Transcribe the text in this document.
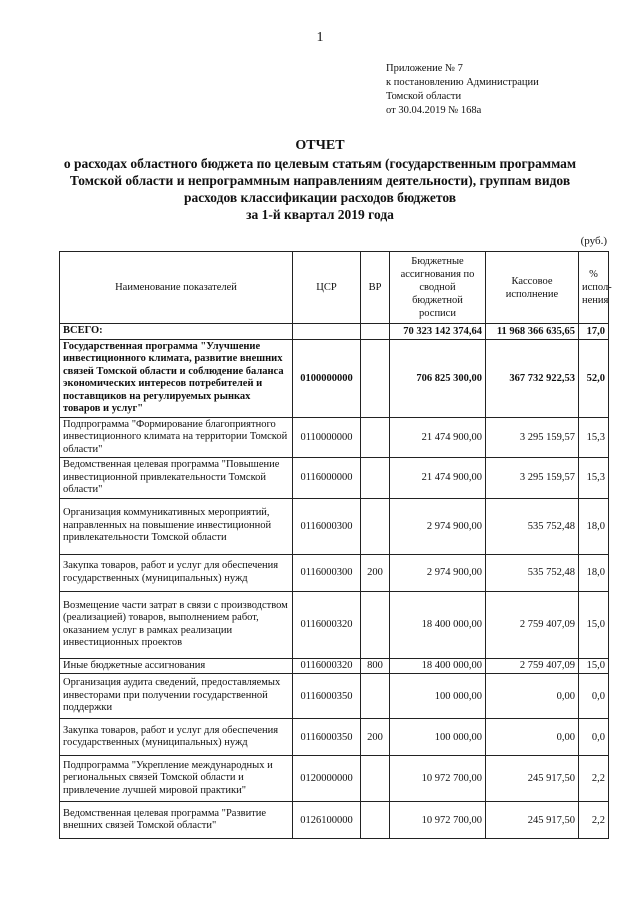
1
Приложение № 7
к постановлению Администрации
Томской области
от 30.04.2019 № 168а
ОТЧЕТ
о расходах областного бюджета по целевым статьям (государственным программам
Томской области и непрограммным направлениям деятельности), группам видов
расходов классификации расходов бюджетов
за 1-й квартал 2019 года
(руб.)
Наименование показателей	ЦСР	ВР	Бюджетные ассигнования по сводной бюджетной росписи	Кассовое исполнение	% испол-нения
ВСЕГО:			70 323 142 374,64	11 968 366 635,65	17,0
Государственная программа "Улучшение инвестиционного климата, развитие внешних связей Томской области и соблюдение баланса экономических интересов потребителей и поставщиков на регулируемых рынках товаров и услуг"	0100000000		706 825 300,00	367 732 922,53	52,0
Подпрограмма "Формирование благоприятного инвестиционного климата на территории Томской области"	0110000000		21 474 900,00	3 295 159,57	15,3
Ведомственная целевая программа "Повышение инвестиционной привлекательности Томской области"	0116000000		21 474 900,00	3 295 159,57	15,3
Организация коммуникативных мероприятий, направленных на повышение инвестиционной привлекательности Томской области	0116000300		2 974 900,00	535 752,48	18,0
Закупка товаров, работ и услуг для обеспечения государственных (муниципальных) нужд	0116000300	200	2 974 900,00	535 752,48	18,0
Возмещение части затрат в связи с производством (реализацией) товаров, выполнением работ, оказанием услуг в рамках реализации инвестиционных проектов	0116000320		18 400 000,00	2 759 407,09	15,0
Иные бюджетные ассигнования	0116000320	800	18 400 000,00	2 759 407,09	15,0
Организация аудита сведений, предоставляемых инвесторами при получении государственной поддержки	0116000350		100 000,00	0,00	0,0
Закупка товаров, работ и услуг для обеспечения государственных (муниципальных) нужд	0116000350	200	100 000,00	0,00	0,0
Подпрограмма "Укрепление международных и региональных связей Томской области и привлечение лучшей мировой практики"	0120000000		10 972 700,00	245 917,50	2,2
Ведомственная целевая программа "Развитие внешних связей Томской области"	0126100000		10 972 700,00	245 917,50	2,2
